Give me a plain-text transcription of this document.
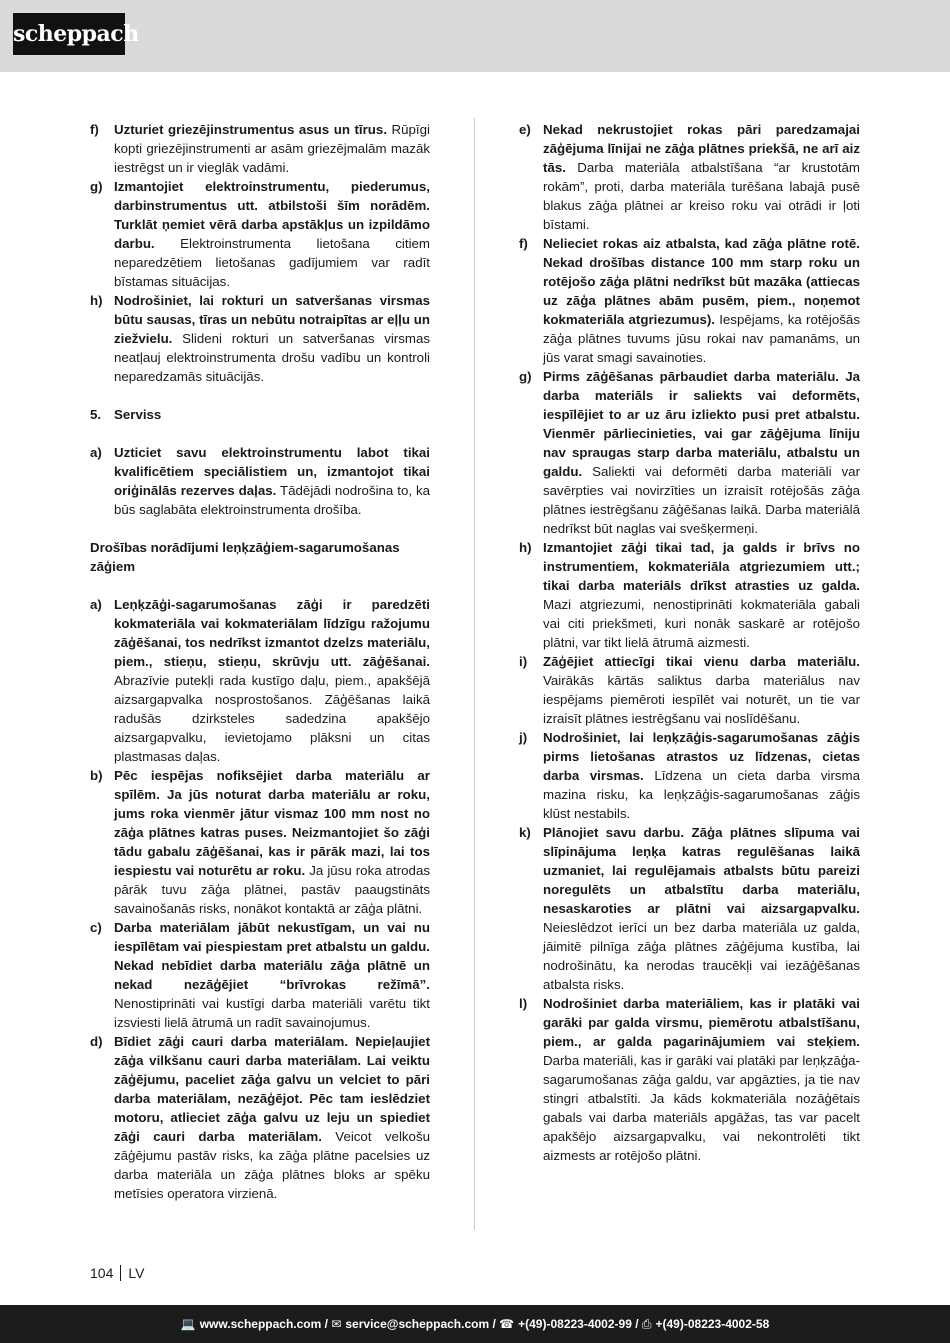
scheppach
f)	Uzturiet griezējinstrumentus asus un tīrus. Rūpīgi kopti griezējinstrumenti ar asām griezējmalām mazāk iestrēgst un ir vieglāk vadāmi.
g) Izmantojiet elektroinstrumentu, piederumus, darbinstrumentus utt. atbilstoši šīm norādēm. Turklāt ņemiet vērā darba apstākļus un izpildāmo darbu. Elektroinstrumenta lietošana citiem neparedzētiem lietošanas gadījumiem var radīt bīstamas situācijas.
h) Nodrošiniet, lai rokturi un satveršanas virsmas būtu sausas, tīras un nebūtu notraipītas ar eļļu un ziežvielu. Slideni rokturi un satveršanas virsmas neatļauj elektroinstrumenta drošu vadību un kontroli neparedzamās situācijās.
5. Serviss
a) Uzticiet savu elektroinstrumentu labot tikai kvalificētiem speciālistiem un, izmantojot tikai oriģinālās rezerves daļas. Tādējādi nodrošina to, ka būs saglabāta elektroinstrumenta drošība.
Drošības norādījumi leņķzāģiem-sagarumošanas zāģiem
a) Leņķzāģi-sagarumošanas zāģi ir paredzēti kokmateriāla vai kokmateriālam līdzīgu ražojumu zāģēšanai, tos nedrīkst izmantot dzelzs materiālu, piem., stieņu, stieņu, skrūvju utt. zāģēšanai. Abrazīvie putekļi rada kustīgo daļu, piem., apakšējā aizsargapvalka nosprostošanos. Zāģēšanas laikā radušās dzirksteles sadedzina apakšējo aizsargapvalku, ievietojamo plāksni un citas plastmasas daļas.
b) Pēc iespējas nofiksējiet darba materiālu ar spīlēm. Ja jūs noturat darba materiālu ar roku, jums roka vienmēr jātur vismaz 100 mm nost no zāģa plātnes katras puses. Neizmantojiet šo zāģi tādu gabalu zāģēšanai, kas ir pārāk mazi, lai tos iespiestu vai noturētu ar roku. Ja jūsu roka atrodas pārāk tuvu zāģa plātnei, pastāv paaugstināts savainošanās risks, nonākot kontaktā ar zāģa plātni.
c) Darba materiālam jābūt nekustīgam, un vai nu iespīlētam vai piespiestam pret atbalstu un galdu. Nekad nebīdiet darba materiālu zāģa plātnē un nekad nezāģējiet “brīvrokas režīmā”. Nenostiprināti vai kustīgi darba materiāli varētu tikt izsviesti lielā ātrumā un radīt savainojumus.
d) Bīdiet zāģi cauri darba materiālam. Nepieļaujiet zāģa vilkšanu cauri darba materiālam. Lai veiktu zāģējumu, paceliet zāģa galvu un velciet to pāri darba materiālam, nezāģējot. Pēc tam ieslēdziet motoru, atlieciet zāģa galvu uz leju un spiediet zāģi cauri darba materiālam. Veicot velkošu zāģējumu pastāv risks, ka zāģa plātne pacelsies uz darba materiāla un zāģa plātnes bloks ar spēku metīsies operatora virzienā.
e) Nekad nekrustojiet rokas pāri paredzamajai zāģējuma līnijai ne zāģa plātnes priekšā, ne arī aiz tās. Darba materiāla atbalstīšana “ar krustotām rokām”, proti, darba materiāla turēšana labajā pusē blakus zāģa plātnei ar kreiso roku vai otrādi ir ļoti bīstami.
f)	Nelieciet rokas aiz atbalsta, kad zāģa plātne rotē. Nekad drošības distance 100 mm starp roku un rotējošo zāģa plātni nedrīkst būt mazāka (attiecas uz zāģa plātnes abām pusēm, piem., noņemot kokmateriāla atgriezumus). Iespējams, ka rotējošās zāģa plātnes tuvums jūsu rokai nav pamanāms, un jūs varat smagi savainoties.
g) Pirms zāģēšanas pārbaudiet darba materiālu. Ja darba materiāls ir saliekts vai deformēts, iespīlējiet to ar uz āru izliekto pusi pret atbalstu. Vienmēr pārliecinieties, vai gar zāģējuma līniju nav spraugas starp darba materiālu, atbalstu un galdu. Saliekti vai deformēti darba materiāli var savērpties vai novirzīties un izraisīt rotējošās zāģa plātnes iestrēgšanu zāģēšanas laikā. Darba materiālā nedrīkst būt naglas vai svešķermeņi.
h) Izmantojiet zāģi tikai tad, ja galds ir brīvs no instrumentiem, kokmateriāla atgriezumiem utt.; tikai darba materiāls drīkst atrasties uz galda. Mazi atgriezumi, nenostiprināti kokmateriāla gabali vai citi priekšmeti, kuri nonāk saskarē ar rotējošo plātni, var tikt lielā ātrumā aizmesti.
i)	Zāģējiet attiecīgi tikai vienu darba materiālu. Vairākās kārtās saliktus darba materiālus nav iespējams piemēroti iespīlēt vai noturēt, un tie var izraisīt plātnes iestrēgšanu vai noslīdēšanu.
j)	Nodrošiniet, lai leņķzāģis-sagarumošanas zāģis pirms lietošanas atrastos uz līdzenas, cietas darba virsmas. Līdzena un cieta darba virsma mazina risku, ka leņķzāģis-sagarumošanas zāģis klūst nestabils.
k) Plānojiet savu darbu. Zāģa plātnes slīpuma vai slīpinājuma leņķa katras regulēšanas laikā uzmaniet, lai regulējamais atbalsts būtu pareizi noregulēts un atbalstītu darba materiālu, nesaskaroties ar plātni vai aizsargapvalku. Neieslēdzot ierīci un bez darba materiāla uz galda, jāimitē pilnīga zāģa plātnes zāģējuma kustība, lai nodrošinātu, ka nerodas traucēkļi vai iezāģēšanas atbalsta risks.
l)	Nodrošiniet darba materiāliem, kas ir platāki vai garāki par galda virsmu, piemērotu atbalstīšanu, piem., ar galda pagarinājumiem vai steķiem. Darba materiāli, kas ir garāki vai platāki par leņķzāģa-sagarumošanas zāģa galdu, var apgāzties, ja tie nav stingri atbalstīti. Ja kāds kokmateriāla nozāģētais gabals vai darba materiāls apgāžas, tas var pacelt apakšējo aizsargapvalku, vai nekontrolēti tikt aizmests ar rotējošo plātni.
104 LV
💻 www.scheppach.com / ✉ service@scheppach.com / ☎ +(49)-08223-4002-99 / ⎙ +(49)-08223-4002-58
